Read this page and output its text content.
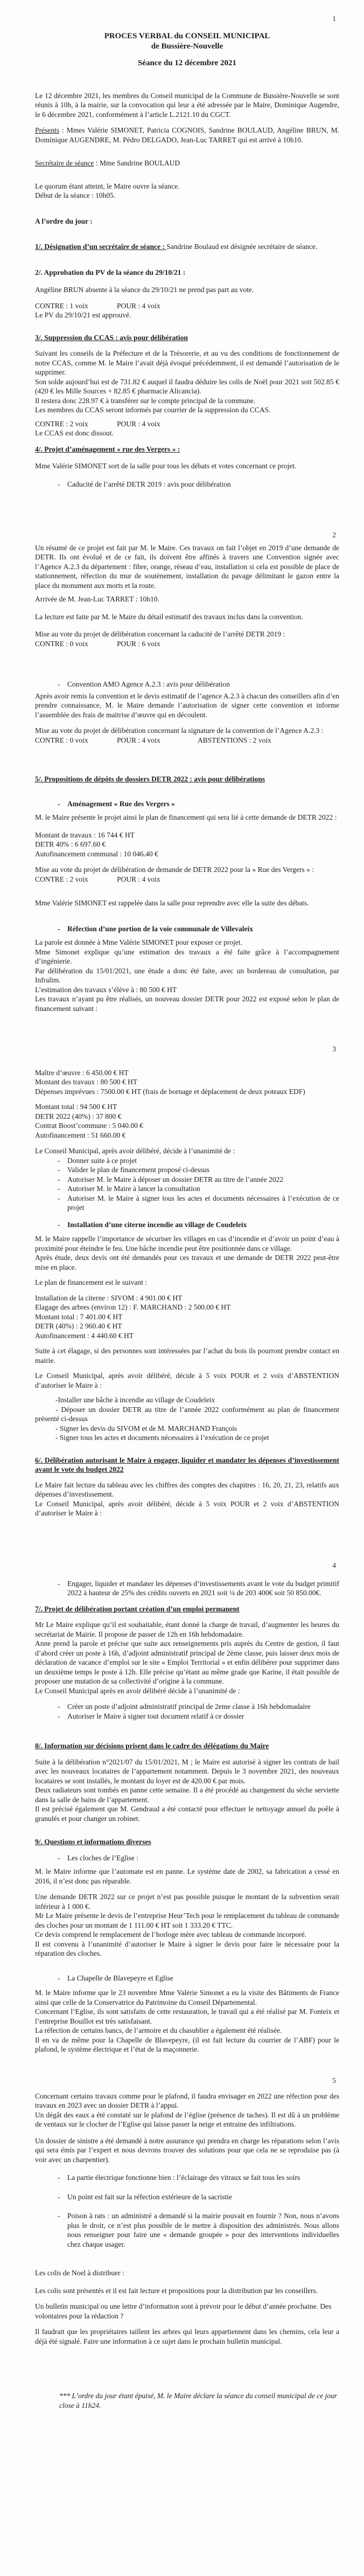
1
PROCES VERBAL du CONSEIL MUNICIPAL
de Bussière-Nouvelle
Séance du 12 décembre 2021
Le 12 décembre 2021, les membres du Conseil municipal de la Commune de Bussière-Nouvelle se sont réunis à 10h, à la mairie, sur la convocation qui leur a été adressée par le Maire, Dominique Augendre, le 6 décembre 2021, conformément à l’article L.2121.10 du CGCT.
Présents : Mmes Valérie SIMONET, Patricia COGNOIS, Sandrine BOULAUD, Angéline BRUN, M. Dominique AUGENDRE, M. Pédro DELGADO, Jean-Luc TARRET qui est arrivé à 10h10.
Secrétaire de séance : Mme Sandrine BOULAUD
Le quorum étant atteint, le Maire ouvre la séance.
Début de la séance : 10h05.
A l’ordre du jour :
1/. Désignation d’un secrétaire de séance : Sandrine Boulaud est désignée secrétaire de séance.
2/. Approbation du PV de la séance du 29/10/21 :
Angéline BRUN absente à la séance du 29/10/21 ne prend pas part au vote.
CONTRE : 1 voix	POUR : 4 voix
Le PV du 29/10/21 est approuvé.
3/. Suppression du CCAS : avis pour délibération
Suivant les conseils de la Préfecture et de la Trésorerie, et au vu des conditions de fonctionnement de notre CCAS, comme M. le Maire l’avait déjà évoqué précédemment, il est demandé l’autorisation de le supprimer.
Son solde aujourd’hui est de 731.82 € auquel il faudra déduire les colis de Noël pour 2021 soit 502.85 € (420 € les Mille Sources + 82.85 € pharmacie Alicancia).
Il restera donc 228.97 € à transférer sur le compte principal de la commune.
Les membres du CCAS seront informés par courrier de la suppression du CCAS.
CONTRE : 2 voix	POUR : 4 voix
Le CCAS est donc dissout.
4/. Projet d’aménagement « rue des Vergers » :
Mme Valérie SIMONET sort de la salle pour tous les débats et votes concernant ce projet.
- Caducité de l’arrêté DETR 2019 : avis pour délibération
2
Un résumé de ce projet est fait par M. le Maire. Ces travaux on fait l’objet en 2019 d’une demande de DETR. Ils ont évolué et de ce fait, ils doivent être affinés à travers une Convention signée avec l’Agence A.2.3 du département : fibre, orange, réseau d’eau, installation si cela est possible de place de stationnement, réfection du mur de soutènement, installation du pavage délimitant le gazon entre la place du monument aux morts et la route.
Arrivée de M. Jean-Luc TARRET : 10h10.
La lecture est faite par M. le Maire du détail estimatif des travaux inclus dans la convention.
Mise au vote du projet de délibération concernant la caducité de l’arrêté DETR 2019 :
CONTRE : 0 voix	POUR : 6 voix
- Convention AMO Agence A.2.3 : avis pour délibération
Après avoir remis la convention et le devis estimatif de l’agence A.2.3 à chacun des conseillers afin d’en prendre connaissance, M. le Maire demande l’autorisation de signer cette convention et informe l’assemblée des frais de maitrise d’œuvre qui en découlent.
Mise au vote du projet de délibération concernant la signature de la convention de l’Agence A.2.3 :
CONTRE : 0 voix	POUR : 4 voix	ABSTENTIONS : 2 voix
5/. Propositions de dépôts de dossiers DETR 2022 : avis pour délibérations
- Aménagement « Rue des Vergers »
M. le Maire présente le projet ainsi le plan de financement qui sera lié à cette demande de DETR 2022 :
Montant de travaux : 16 744 € HT
DETR 40% : 6 697.60 €
Autofinancement communal : 10 046.40 €
Mise au vote du projet de délibération de demande de DETR 2022 pour la « Rue des Vergers » :
CONTRE : 2 voix	POUR : 4 voix
Mme Valérie SIMONET est rappelée dans la salle pour reprendre avec elle la suite des débats.
- Réfection d’une portion de la voie communale de Villevaleix
La parole est donnée à Mme Valérie SIMONET pour exposer ce projet.
Mme Simonet explique qu’une estimation des travaux a été faite grâce à l’accompagnement d’ingénierie.
Par délibération du 15/01/2021, une étude a donc été faite, avec un bordereau de consultation, par Infralim.
L’estimation des travaux s’élève à : 80 500 € HT
Les travaux n’ayant pu être réalisés, un nouveau dossier DETR pour 2022 est exposé selon le plan de financement suivant :
3
Maître d’œuvre : 6 450.00 € HT
Montant des travaux : 80 500 € HT
Dépenses imprévues : 7500.00 € HT (frais de bornage et déplacement de deux poteaux EDF)
Montant total : 94 500 € HT
DETR 2022 (40%) : 37 800 €
Contrat Boost’commune : 5 040.00 €
Autofinancement : 51 660.00 €
Le Conseil Municipal, après avoir délibéré, décide à l’unanimité de :
- Donner suite à ce projet
- Valider le plan de financement proposé ci-dessus
- Autoriser M. le Maire à déposer un dossier DETR au titre de l’année 2022
- Autoriser M. le Maire à lancer la consultation
- Autoriser M. le Maire à signer tous les actes et documents nécessaires à l’exécution de ce projet
- Installation d’une citerne incendie au village de Coudeleix
M. le Maire rappelle l’importance de sécuriser les villages en cas d’incendie et d’avoir un point d’eau à proximité pour éteindre le feu. Une bâche incendie peut être positionnée dans ce village.
Après étude, deux devis ont été demandés pour ces travaux et une demande de DETR 2022 peut-être mise en place.
Le plan de financement est le suivant :
Installation de la citerne : SIVOM : 4 901.00 € HT
Elagage des arbres (environ 12) : F. MARCHAND : 2 500.00 € HT
Montant total : 7 401.00 € HT
DETR (40%) : 2 960.40 € HT
Autofinancement : 4 440.60 € HT
Suite à cet élagage, si des personnes sont intéressées par l’achat du bois ils pourront prendre contact en mairie.
Le Conseil Municipal, après avoir délibéré, décide à 5 voix POUR et 2 voix d’ABSTENTION d’autoriser le Maire à :
-Installer une bâche à incendie au village de Coudeleix
- Déposer un dossier DETR au titre de l’année 2022 conformément au plan de financement présenté ci-dessus
- Signer les devis du SIVOM et de M. MARCHAND François
- Signer tous les actes et documents nécessaires à l’exécution de ce projet
6/. Délibération autorisant le Maire à engager, liquider et mandater les dépenses d’investissement avant le vote du budget 2022
Le Maire fait lecture du tableau avec les chiffres des comptes des chapitres : 16, 20, 21, 23, relatifs aux dépenses d’investissement.
Le Conseil Municipal, après avoir délibéré, décide à 5 voix POUR et 2 voix d’ABSTENTION d’autoriser le Maire à :
4
- Engager, liquider et mandater les dépenses d’investissements avant le vote du budget primitif 2022 à hauteur de 25% des crédits ouverts en 2021 soit ¼ de 203 400€ soit 50 850.00€.
7/. Projet de délibération portant création d’un emploi permanent
Mr Le Maire explique qu’il est souhaitable, étant donné la charge de travail, d’augmenter les heures du secrétariat de Mairie. Il propose de passer de 12h en 16h hebdomadaire.
Anne prend la parole et précise que suite aux renseignements pris auprès du Centre de gestion, il faut d’abord créer un poste à 16h, d’adjoint administratif principal de 2ème classe, puis laisser deux mois de déclaration de vacance d’emploi sur le site « Emploi Territorial » et enfin délibérer pour supprimer dans un deuxième temps le poste à 12h. Elle précise qu’étant au même grade que Karine, il était possible de proposer une mutation de sa collectivité d’origine à la commune.
Le Conseil Municipal après en avoir délibéré décide à l’unanimité de :
- Créer un poste d’adjoint administratif principal de 2eme classe à 16h hebdomadaire
- Autoriser le Maire à signer tout document relatif à ce dossier
8/. Information sur décisions prisent dans le cadre des délégations du Maire
Suite à la délibération n°2021/07 du 15/01/2021, M ; le Maire est autorisé à signer les contrats de bail avec les nouveaux locataires de l’appartement notamment. Depuis le 3 novembre 2021, des nouveaux locataires se sont installés, le montant du loyer est de 420.00 € par mois.
Deux radiateurs sont tombés en panne cette semaine. Il a été procédé au changement du sèche serviette dans la salle de bains de l’appartement.
Il est précisé également que M. Gendraud a été contacté pour effectuer le nettoyage annuel du poêle à granulés et pour changer un robinet.
9/. Questions et informations diverses
- Les cloches de l’Eglise :
M. le Maire informe que l’automate est en panne. Le système date de 2002, sa fabrication a cessé en 2016, il n’est donc pas réparable.
Une demande DETR 2022 sur ce projet n’est pas possible puisque le montant de la subvention serait inférieur à 1 000 €.
Mr Le Maire présente le devis de l’entreprise Heur’Tech pour le remplacement du tableau de commande des cloches pour un montant de 1 111.00 € HT soit 1 333.20 € TTC.
Ce devis comprend le remplacement de l’horloge mère avec tableau de commande incorporé.
Il est convenu à l’unanimité d’autoriser le Maire à signer le devis pour faire le nécessaire pour la réparation des cloches.
- La Chapelle de Blavepeyre et Eglise
M. le Maire informe que le 23 novembre Mme Valérie Simonet a eu la visite des Bâtiments de France ainsi que celle de la Conservatrice du Patrimoine du Conseil Départemental.
Concernant l’Eglise, ils sont satisfaits de cette restauration, le travail qui a été réalisé par M. Fonteix et l’entreprise Bouillot est très satisfaisant.
La réfection de certains bancs, de l’armoire et du chasublier a également été réalisée.
Il en va de même pour la Chapelle de Blavepeyre, (il est fait lecture du courrier de l’ABF) pour le plafond, le système électrique et l’état de la maçonnerie.
5
Concernant certains travaux comme pour le plafond, il faudra envisager en 2022 une réfection pour des travaux en 2023 avec un dossier DETR à l’appui.
Un dégât des eaux a été constaté sur le plafond de l’église (présence de taches). Il est dû à un problème de ventaux sur le clocher de l’Eglise qui laisse passer la neige et entraine des infiltrations.
Un dossier de sinistre a été demandé à notre assurance qui prendra en charge les réparations selon l’avis qui sera émis par l’expert et nous devrons trouver des solutions pour que cela ne se reproduise pas (à voir avec un charpentier).
- La partie électrique fonctionne bien : l’éclairage des vitraux se fait tous les soirs
- Un point est fait sur la réfection extérieure de la sacristie
- Poison à rats : un administré a demandé si la mairie pouvait en fournir ? Non, nous n’avons plus le droit, ce n’est plus possible de le mettre à disposition des administrés. Nous allons nous renseigner pour faire une « demande groupée » pour des interventions individuelles chez chaque usager.
Les colis de Noel à distribuer :
Les colis sont présentés et il est fait lecture et propositions pour la distribution par les conseillers.
Un bulletin municipal ou une lettre d’information sont à prévoir pour le début d’année prochaine. Des volontaires pour la rédaction ?
Il faudrait que les propriétaires taillent les arbres qui leurs appartiennent dans les chemins, cela leur a déjà été signalé. Faire une information à ce sujet dans le prochain bulletin municipal.
*** L’ordre du jour étant épuisé, M. le Maire déclare la séance du conseil municipal de ce jour close à 11h24.
